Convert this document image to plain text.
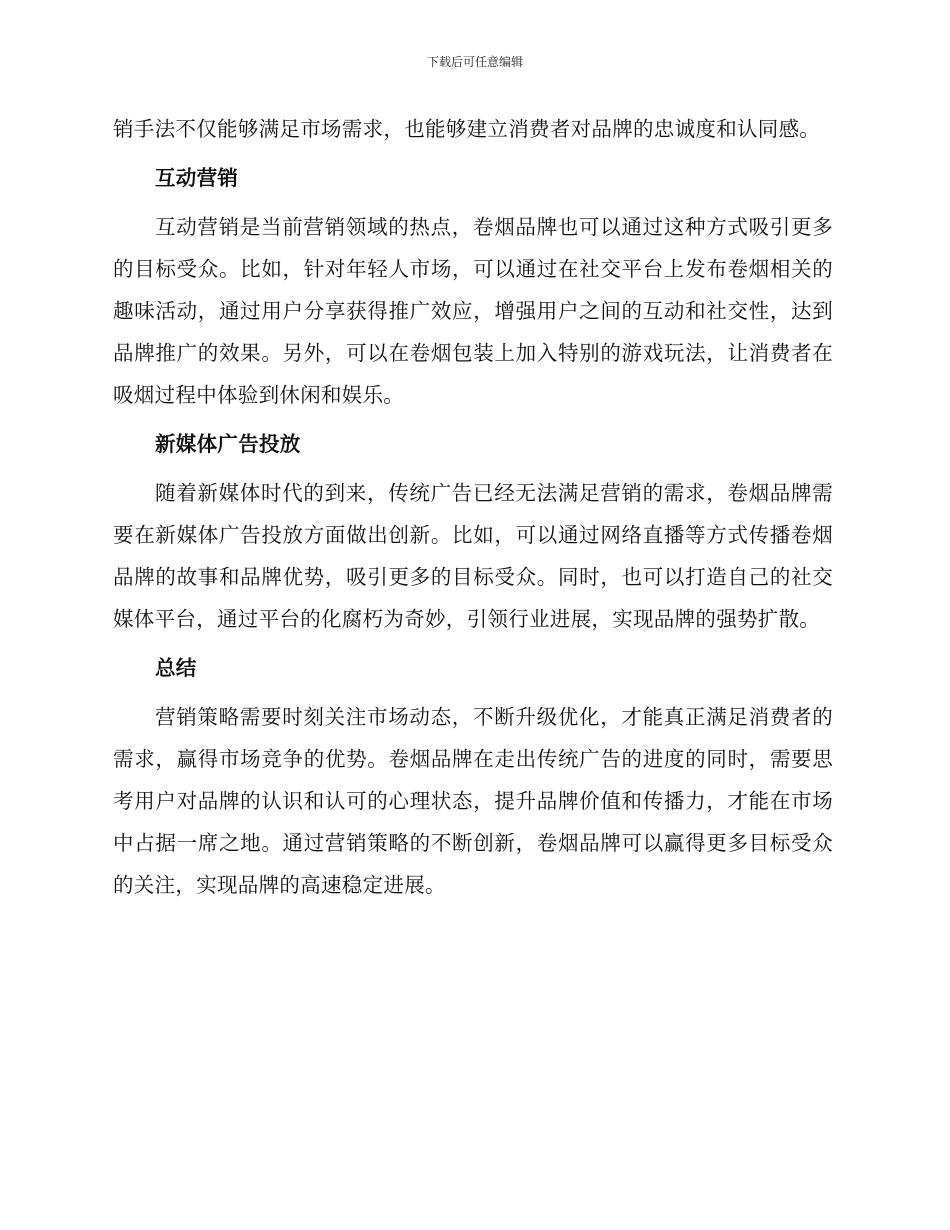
下载后可任意编辑

销手法不仅能够满足市场需求，也能够建立消费者对品牌的忠诚度和认同感。

互动营销

互动营销是当前营销领域的热点，卷烟品牌也可以通过这种方式吸引更多的目标受众。比如，针对年轻人市场，可以通过在社交平台上发布卷烟相关的趣味活动，通过用户分享获得推广效应，增强用户之间的互动和社交性，达到品牌推广的效果。另外，可以在卷烟包装上加入特别的游戏玩法，让消费者在吸烟过程中体验到休闲和娱乐。

新媒体广告投放

随着新媒体时代的到来，传统广告已经无法满足营销的需求，卷烟品牌需要在新媒体广告投放方面做出创新。比如，可以通过网络直播等方式传播卷烟品牌的故事和品牌优势，吸引更多的目标受众。同时，也可以打造自己的社交媒体平台，通过平台的化腐朽为奇妙，引领行业进展，实现品牌的强势扩散。

总结

营销策略需要时刻关注市场动态，不断升级优化，才能真正满足消费者的需求，赢得市场竞争的优势。卷烟品牌在走出传统广告的进度的同时，需要思考用户对品牌的认识和认可的心理状态，提升品牌价值和传播力，才能在市场中占据一席之地。通过营销策略的不断创新，卷烟品牌可以赢得更多目标受众的关注，实现品牌的高速稳定进展。
